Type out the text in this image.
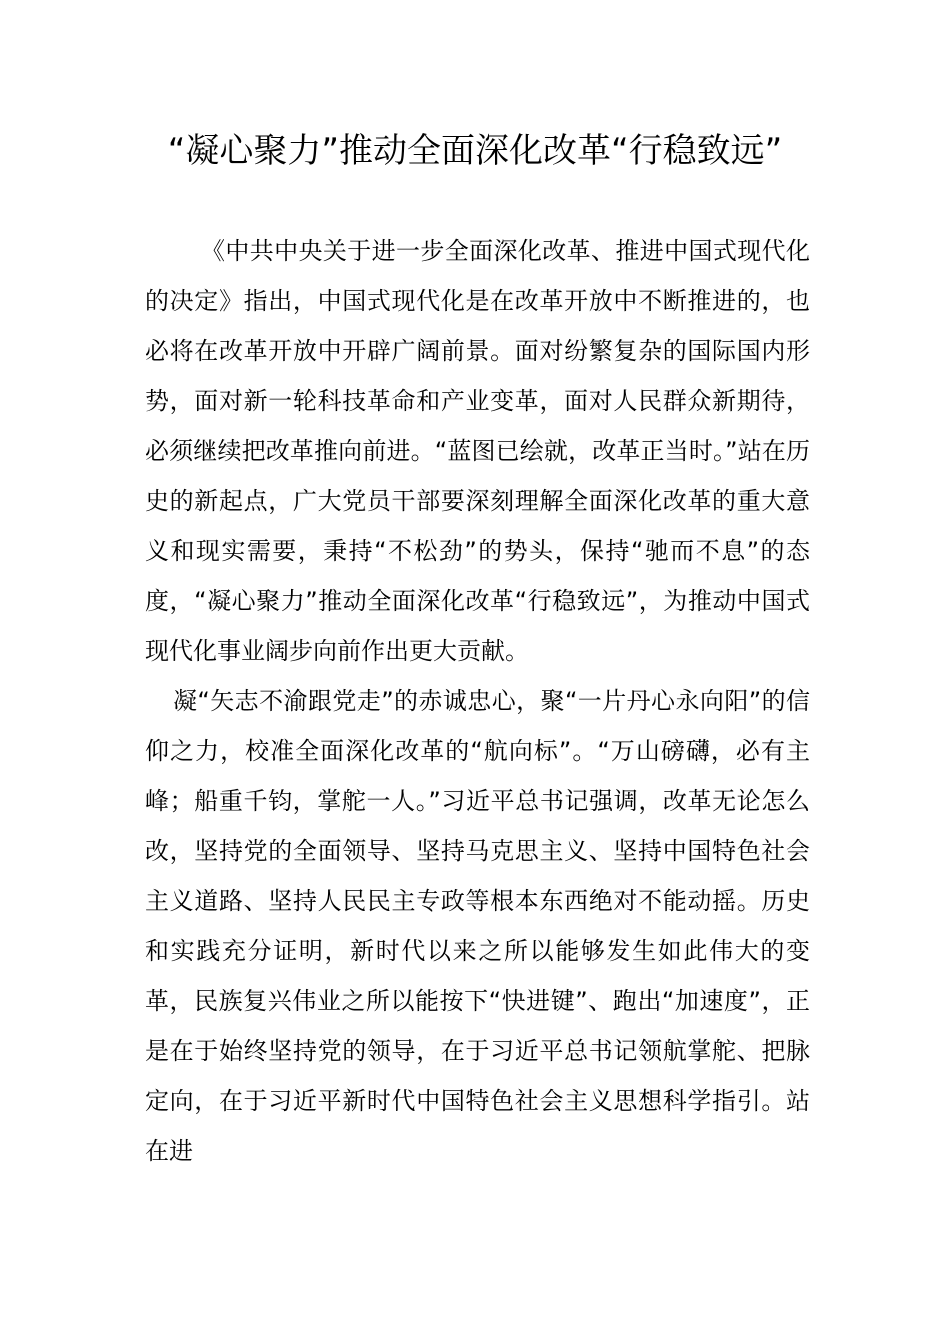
“凝心聚力”推动全面深化改革“行稳致远”

《中共中央关于进一步全面深化改革、推进中国式现代化的决定》指出，中国式现代化是在改革开放中不断推进的，也必将在改革开放中开辟广阔前景。面对纷繁复杂的国际国内形势，面对新一轮科技革命和产业变革，面对人民群众新期待，必须继续把改革推向前进。“蓝图已绘就，改革正当时。”站在历史的新起点，广大党员干部要深刻理解全面深化改革的重大意义和现实需要，秉持“不松劲”的势头，保持“驰而不息”的态度，“凝心聚力”推动全面深化改革“行稳致远”，为推动中国式现代化事业阔步向前作出更大贡献。

凝“矢志不渝跟党走”的赤诚忠心，聚“一片丹心永向阳”的信仰之力，校准全面深化改革的“航向标”。“万山磅礴，必有主峰；船重千钧，掌舵一人。”习近平总书记强调，改革无论怎么改，坚持党的全面领导、坚持马克思主义、坚持中国特色社会主义道路、坚持人民民主专政等根本东西绝对不能动摇。历史和实践充分证明，新时代以来之所以能够发生如此伟大的变革，民族复兴伟业之所以能按下“快进键”、跑出“加速度”，正是在于始终坚持党的领导，在于习近平总书记领航掌舵、把脉定向，在于习近平新时代中国特色社会主义思想科学指引。站在进
